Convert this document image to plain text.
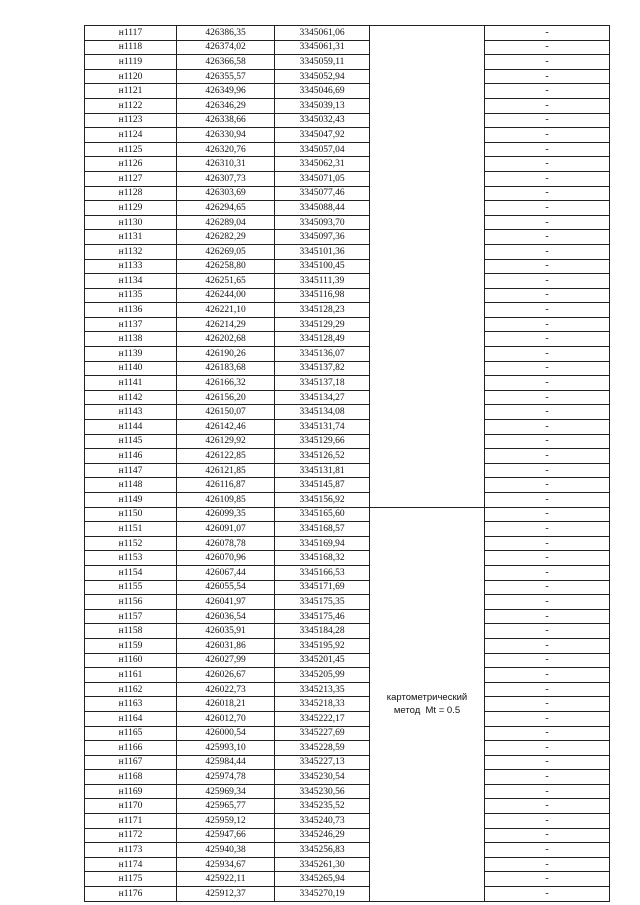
н1117	426386,35	3345061,06		-
н1118	426374,02	3345061,31		-
н1119	426366,58	3345059,11		-
н1120	426355,57	3345052,94		-
н1121	426349,96	3345046,69		-
н1122	426346,29	3345039,13		-
н1123	426338,66	3345032,43		-
н1124	426330,94	3345047,92		-
н1125	426320,76	3345057,04		-
н1126	426310,31	3345062,31		-
н1127	426307,73	3345071,05		-
н1128	426303,69	3345077,46		-
н1129	426294,65	3345088,44		-
н1130	426289,04	3345093,70		-
н1131	426282,29	3345097,36		-
н1132	426269,05	3345101,36		-
н1133	426258,80	3345100,45		-
н1134	426251,65	3345111,39		-
н1135	426244,00	3345116,98		-
н1136	426221,10	3345128,23		-
н1137	426214,29	3345129,29		-
н1138	426202,68	3345128,49		-
н1139	426190,26	3345136,07		-
н1140	426183,68	3345137,82		-
н1141	426166,32	3345137,18		-
н1142	426156,20	3345134,27		-
н1143	426150,07	3345134,08		-
н1144	426142,46	3345131,74		-
н1145	426129,92	3345129,66		-
н1146	426122,85	3345126,52		-
н1147	426121,85	3345131,81		-
н1148	426116,87	3345145,87		-
н1149	426109,85	3345156,92		-
н1150	426099,35	3345165,60	картометрический
метод  Mt = 0.5	-
н1151	426091,07	3345168,57		-
н1152	426078,78	3345169,94		-
н1153	426070,96	3345168,32		-
н1154	426067,44	3345166,53		-
н1155	426055,54	3345171,69		-
н1156	426041,97	3345175,35		-
н1157	426036,54	3345175,46		-
н1158	426035,91	3345184,28		-
н1159	426031,86	3345195,92		-
н1160	426027,99	3345201,45		-
н1161	426026,67	3345205,99		-
н1162	426022,73	3345213,35		-
н1163	426018,21	3345218,33		-
н1164	426012,70	3345222,17		-
н1165	426000,54	3345227,69		-
н1166	425993,10	3345228,59		-
н1167	425984,44	3345227,13		-
н1168	425974,78	3345230,54		-
н1169	425969,34	3345230,56		-
н1170	425965,77	3345235,52		-
н1171	425959,12	3345240,73		-
н1172	425947,66	3345246,29		-
н1173	425940,38	3345256,83		-
н1174	425934,67	3345261,30		-
н1175	425922,11	3345265,94		-
н1176	425912,37	3345270,19		-
